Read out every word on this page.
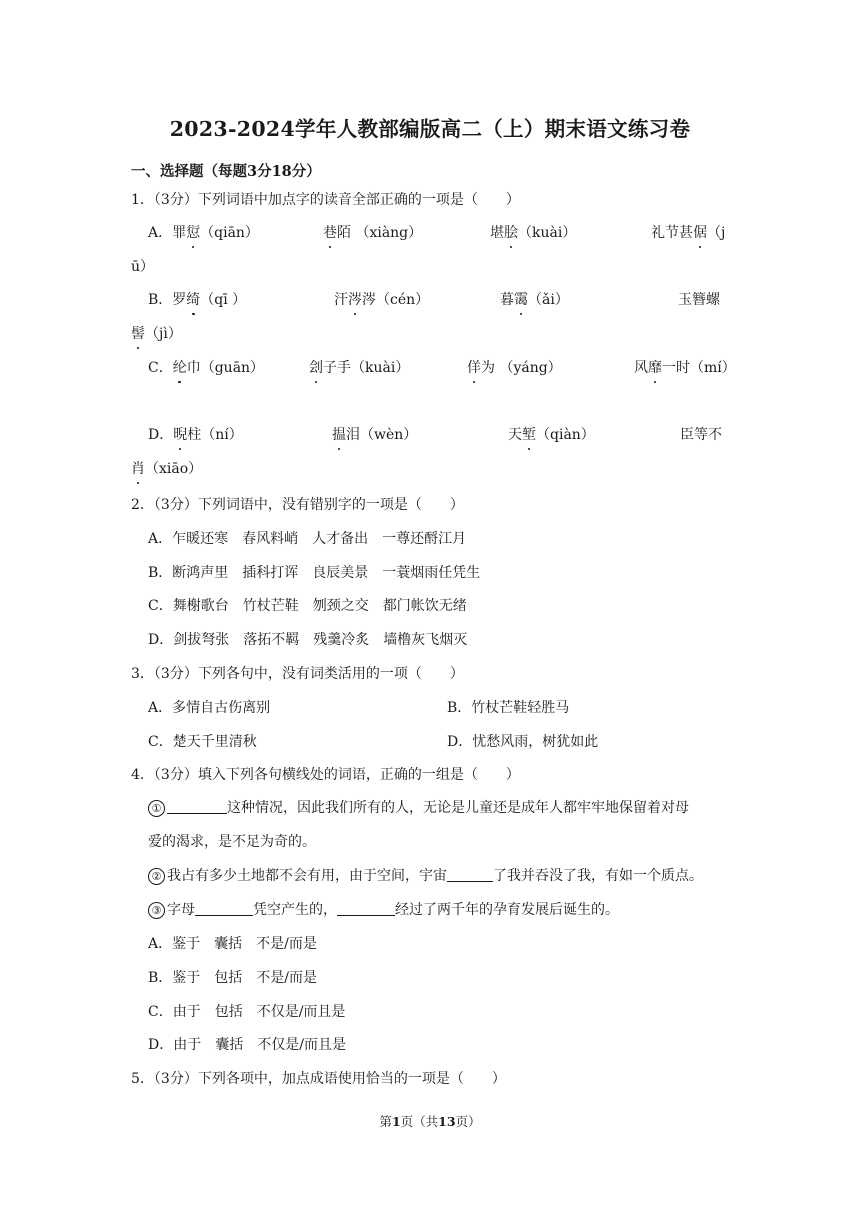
2023-2024学年人教部编版高二（上）期末语文练习卷
一、选择题（每题3分18分）
1．（3分）下列词语中加点字的读音全部正确的一项是（　　）
A．罪愆（qiān）	巷陌 （xiàng）	堪脍（kuài）	礼节甚倨（j
ū）
B．罗绮（qī ）	汗涔涔（cén）	暮霭（ǎi）	玉簪螺
髻（jì）
C．纶巾（guān）	刽子手（kuài）	佯为 （yáng）	风靡一时（mí）
D．晲柱（ní）	揾泪（wèn）	天堑（qiàn）	臣等不
肖（xiāo）
2．（3分）下列词语中，没有错别字的一项是（　　）
A．乍暖还寒　春风料峭　人才备出　一尊还酹江月
B．断鸿声里　插科打诨　良辰美景　一蓑烟雨任凭生
C．舞榭歌台　竹杖芒鞋　刎颈之交　都门帐饮无绪
D．剑拔弩张　落拓不羁　残羹冷炙　墙橹灰飞烟灭
3．（3分）下列各句中，没有词类活用的一项（　　）
A．多情自古伤离别	B．竹杖芒鞋轻胜马
C．楚天千里清秋	D．忧愁风雨，树犹如此
4．（3分）填入下列各句横线处的词语，正确的一组是（　　）
①	这种情况，因此我们所有的人，无论是儿童还是成年人都牢牢地保留着对母
爱的渴求，是不足为奇的。
② 我占有多少土地都不会有用，由于空间，宇宙	了我并吞没了我，有如一个质点。
③ 字母	凭空产生的，	经过了两千年的孕育发展后诞生的。
A．鉴于　囊括　不是/而是
B．鉴于　包括　不是/而是
C．由于　包括　不仅是/而且是
D．由于　囊括　不仅是/而且是
5．（3分）下列各项中，加点成语使用恰当的一项是（　　）
第1页（共13页）
